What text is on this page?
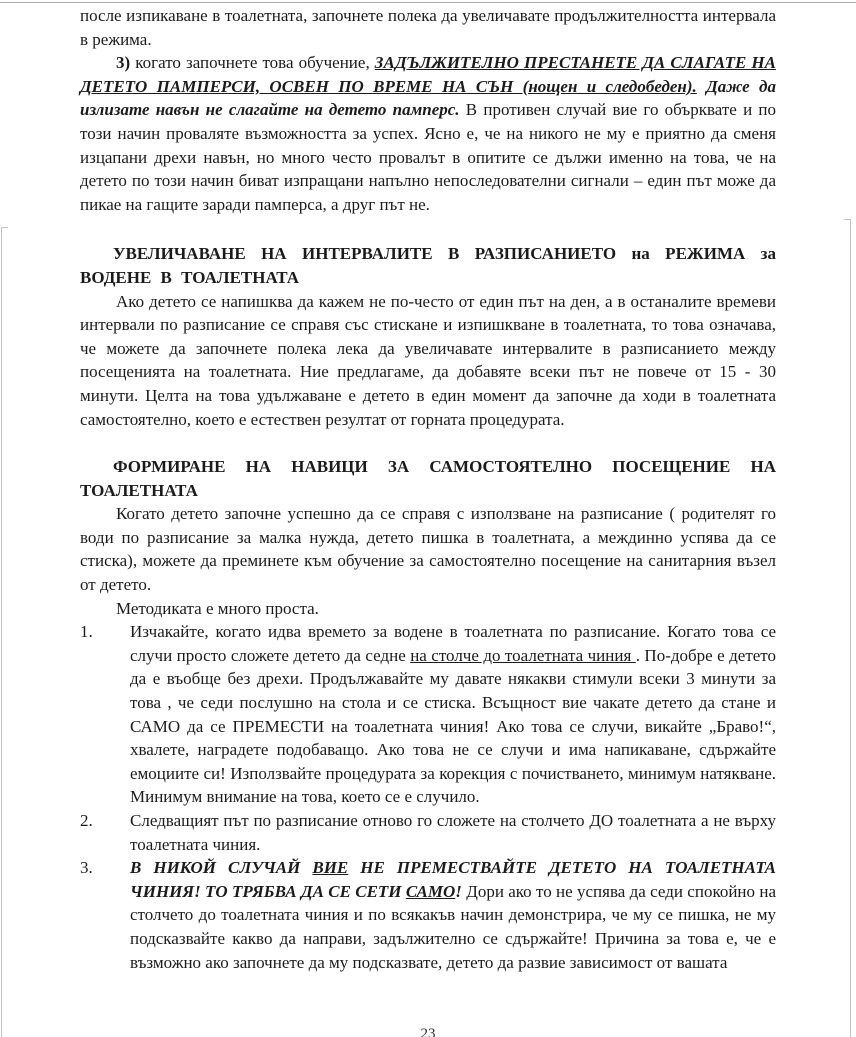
после изпикаване в тоалетната, започнете полека да увеличавате продължителността интервала в режима.
3) когато започнете това обучение, ЗАДЪЛЖИТЕЛНО ПРЕСТАНЕТЕ ДА СЛАГАТЕ НА ДЕТЕТО ПАМПЕРСИ, ОСВЕН ПО ВРЕМЕ НА СЪН (нощен и следобеден). Даже да излизате навън не слагайте на детето памперс. В противен случай вие го обърквате и по този начин проваляте възможността за успех. Ясно е, че на никого не му е приятно да сменя изцапани дрехи навън, но много често провалът в опитите се дължи именно на това, че на детето по този начин биват изпращани напълно непоследователни сигнали – един път може да пикае на гащите заради памперса, а друг път не.
УВЕЛИЧАВАНЕ НА ИНТЕРВАЛИТЕ В РАЗПИСАНИЕТО на РЕЖИМА за ВОДЕНЕ В ТОАЛЕТНАТА
Ако детето се напишква да кажем не по-често от един път на ден, а в останалите времеви интервали по разписание се справя със стискане и изпишкване в тоалетната, то това означава, че можете да започнете полека лека да увеличавате интервалите в разписанието между посещенията на тоалетната. Ние предлагаме, да добавяте всеки път не повече от 15 - 30 минути. Целта на това удължаване е детето в един момент да започне да ходи в тоалетната самостоятелно, което е естествен резултат от горната процедурата.
ФОРМИРАНЕ НА НАВИЦИ ЗА САМОСТОЯТЕЛНО ПОСЕЩЕНИЕ НА ТОАЛЕТНАТА
Когато детето започне успешно да се справя с използване на разписание ( родителят го води по разписание за малка нужда, детето пишка в тоалетната, а междинно успява да се стиска), можете да преминете към обучение за самостоятелно посещение на санитарния възел от детето.
Методиката е много проста.
1.	Изчакайте, когато идва времето за водене в тоалетната по разписание. Когато това се случи просто сложете детето да седне на столче до тоалетната чиния . По-добре е детето да е въобще без дрехи. Продължавайте му давате някакви стимули всеки 3 минути за това , че седи послушно на стола и се стиска. Всъщност вие чакате детето да стане и САМО да се ПРЕМЕСТИ на тоалетната чиния! Ако това се случи, викайте „Браво!“, хвалете, наградете подобаващо. Ако това не се случи и има напикаване, сдържайте емоциите си! Използвайте процедурата за корекция с почистването, минимум натякване. Минимум внимание на това, което се е случило.
2.	Следващият път по разписание отново го сложете на столчето ДО тоалетната а не върху тоалетната чиния.
3.	В НИКОЙ СЛУЧАЙ ВИЕ НЕ ПРЕМЕСТВАЙТЕ ДЕТЕТО НА ТОАЛЕТНАТА ЧИНИЯ! ТО ТРЯБВА ДА СЕ СЕТИ САМО! Дори ако то не успява да седи спокойно на столчето до тоалетната чиния и по всякакъв начин демонстрира, че му се пишка, не му подсказвайте какво да направи, задължително се сдържайте! Причина за това е, че е възможно ако започнете да му подсказвате, детето да развие зависимост от вашата
23
